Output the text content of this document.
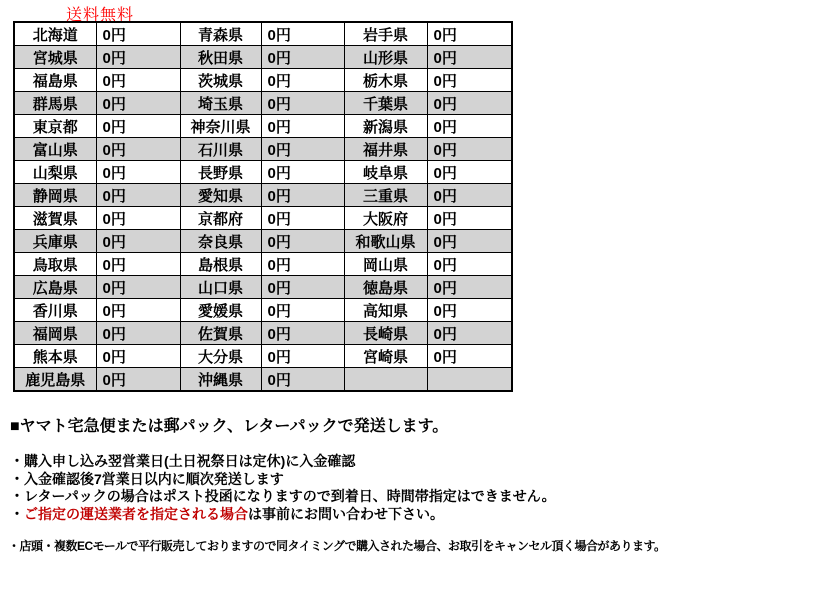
送料無料
北海道	0円	青森県	0円	岩手県	0円
宮城県	0円	秋田県	0円	山形県	0円
福島県	0円	茨城県	0円	栃木県	0円
群馬県	0円	埼玉県	0円	千葉県	0円
東京都	0円	神奈川県	0円	新潟県	0円
富山県	0円	石川県	0円	福井県	0円
山梨県	0円	長野県	0円	岐阜県	0円
静岡県	0円	愛知県	0円	三重県	0円
滋賀県	0円	京都府	0円	大阪府	0円
兵庫県	0円	奈良県	0円	和歌山県	0円
鳥取県	0円	島根県	0円	岡山県	0円
広島県	0円	山口県	0円	徳島県	0円
香川県	0円	愛媛県	0円	高知県	0円
福岡県	0円	佐賀県	0円	長崎県	0円
熊本県	0円	大分県	0円	宮崎県	0円
鹿児島県	0円	沖縄県	0円		

■ヤマト宅急便または郵パック、レターパックで発送します。

・購入申し込み翌営業日(土日祝祭日は定休)に入金確認

・入金確認後7営業日以内に順次発送します

・レターパックの場合はポスト投函になりますので到着日、時間帯指定はできません。

・ご指定の運送業者を指定される場合は事前にお問い合わせ下さい。

・店頭・複数ECモールで平行販売しておりますので同タイミングで購入された場合、お取引をキャンセル頂く場合があります。
